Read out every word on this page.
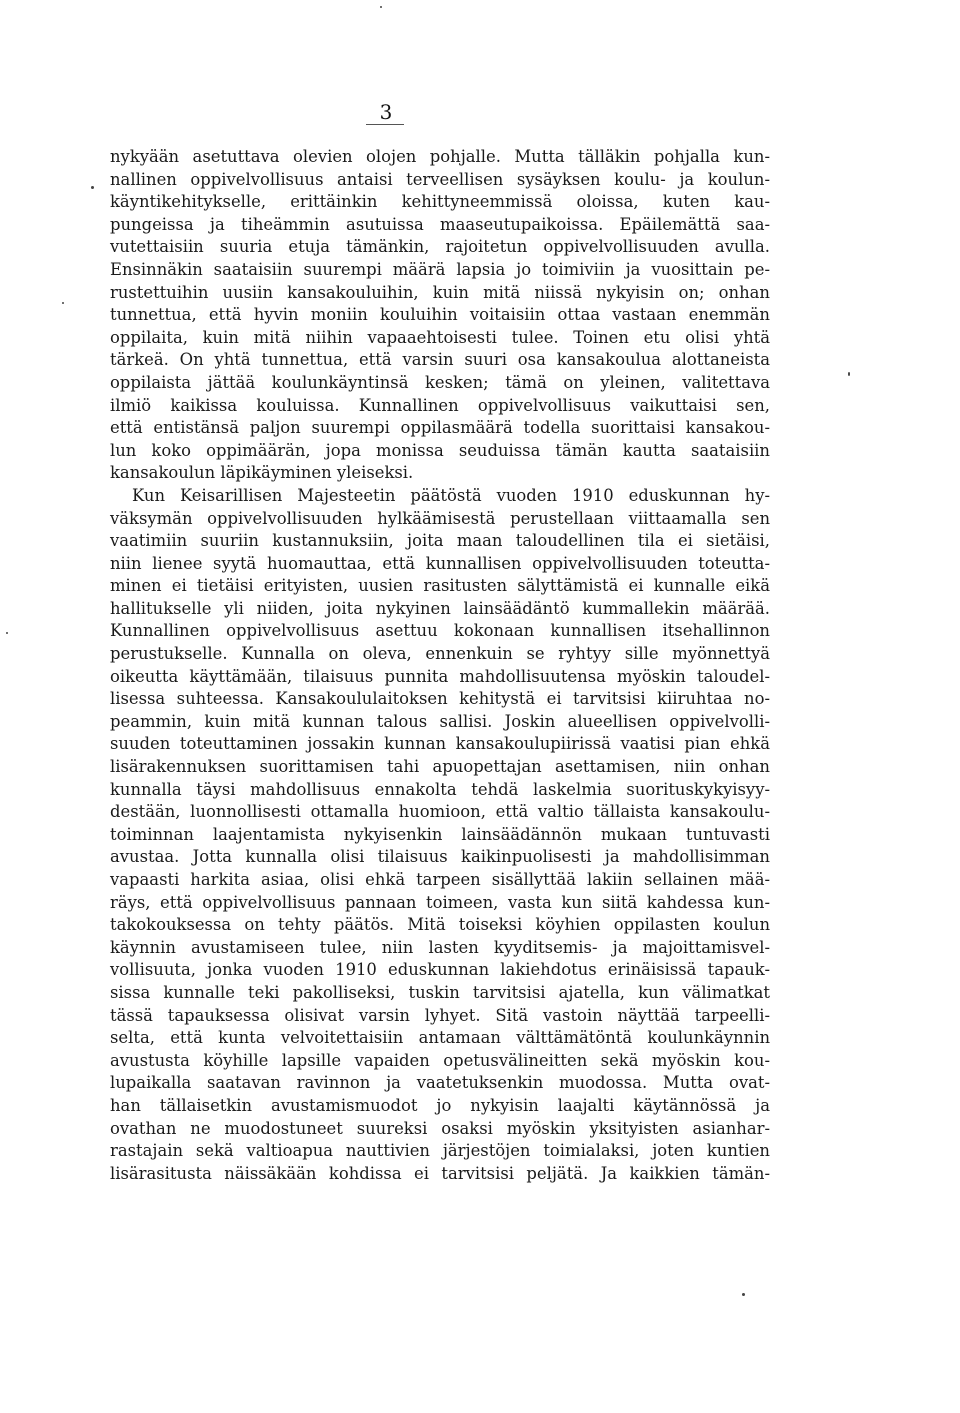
3
nykyään asetuttava olevien olojen pohjalle. Mutta tälläkin pohjalla kun-
nallinen oppivelvollisuus antaisi terveellisen sysäyksen koulu- ja koulun-
käyntikehitykselle, erittäinkin kehittyneemmissä oloissa, kuten kau-
pungeissa ja tiheämmin asutuissa maaseutupaikoissa. Epäilemättä saa-
vutettaisiin suuria etuja tämänkin, rajoitetun oppivelvollisuuden avulla.
Ensinnäkin saataisiin suurempi määrä lapsia jo toimiviin ja vuosittain pe-
rustettuihin uusiin kansakouluihin, kuin mitä niissä nykyisin on; onhan
tunnettua, että hyvin moniin kouluihin voitaisiin ottaa vastaan enemmän
oppilaita, kuin mitä niihin vapaaehtoisesti tulee. Toinen etu olisi yhtä
tärkeä. On yhtä tunnettua, että varsin suuri osa kansakoulua alottaneista
oppilaista jättää koulunkäyntinsä kesken; tämä on yleinen, valitettava
ilmiö kaikissa kouluissa. Kunnallinen oppivelvollisuus vaikuttaisi sen,
että entistänsä paljon suurempi oppilasmäärä todella suorittaisi kansakou-
lun koko oppimäärän, jopa monissa seuduissa tämän kautta saataisiin
kansakoulun läpikäyminen yleiseksi.
Kun Keisarillisen Majesteetin päätöstä vuoden 1910 eduskunnan hy-
väksymän oppivelvollisuuden hylkäämisestä perustellaan viittaamalla sen
vaatimiin suuriin kustannuksiin, joita maan taloudellinen tila ei sietäisi,
niin lienee syytä huomauttaa, että kunnallisen oppivelvollisuuden toteutta-
minen ei tietäisi erityisten, uusien rasitusten sälyttämistä ei kunnalle eikä
hallitukselle yli niiden, joita nykyinen lainsäädäntö kummallekin määrää.
Kunnallinen oppivelvollisuus asettuu kokonaan kunnallisen itsehallinnon
perustukselle. Kunnalla on oleva, ennenkuin se ryhtyy sille myönnettyä
oikeutta käyttämään, tilaisuus punnita mahdollisuutensa myöskin taloudel-
lisessa suhteessa. Kansakoululaitoksen kehitystä ei tarvitsisi kiiruhtaa no-
peammin, kuin mitä kunnan talous sallisi. Joskin alueellisen oppivelvolli-
suuden toteuttaminen jossakin kunnan kansakoulupiirissä vaatisi pian ehkä
lisärakennuksen suorittamisen tahi apuopettajan asettamisen, niin onhan
kunnalla täysi mahdollisuus ennakolta tehdä laskelmia suorituskykyisyy-
destään, luonnollisesti ottamalla huomioon, että valtio tällaista kansakoulu-
toiminnan laajentamista nykyisenkin lainsäädännön mukaan tuntuvasti
avustaa. Jotta kunnalla olisi tilaisuus kaikinpuolisesti ja mahdollisimman
vapaasti harkita asiaa, olisi ehkä tarpeen sisällyttää lakiin sellainen mää-
räys, että oppivelvollisuus pannaan toimeen, vasta kun siitä kahdessa kun-
takokouksessa on tehty päätös. Mitä toiseksi köyhien oppilasten koulun
käynnin avustamiseen tulee, niin lasten kyyditsemis- ja majoittamisvel-
vollisuuta, jonka vuoden 1910 eduskunnan lakiehdotus erinäisissä tapauk-
sissa kunnalle teki pakolliseksi, tuskin tarvitsisi ajatella, kun välimatkat
tässä tapauksessa olisivat varsin lyhyet. Sitä vastoin näyttää tarpeelli-
selta, että kunta velvoitettaisiin antamaan välttämätöntä koulunkäynnin
avustusta köyhille lapsille vapaiden opetusvälineitten sekä myöskin kou-
lupaikalla saatavan ravinnon ja vaatetuksenkin muodossa. Mutta ovat-
han tällaisetkin avustamismuodot jo nykyisin laajalti käytännössä ja
ovathan ne muodostuneet suureksi osaksi myöskin yksityisten asianhar-
rastajain sekä valtioapua nauttivien järjestöjen toimialaksi, joten kuntien
lisärasitusta näissäkään kohdissa ei tarvitsisi peljätä. Ja kaikkien tämän-
